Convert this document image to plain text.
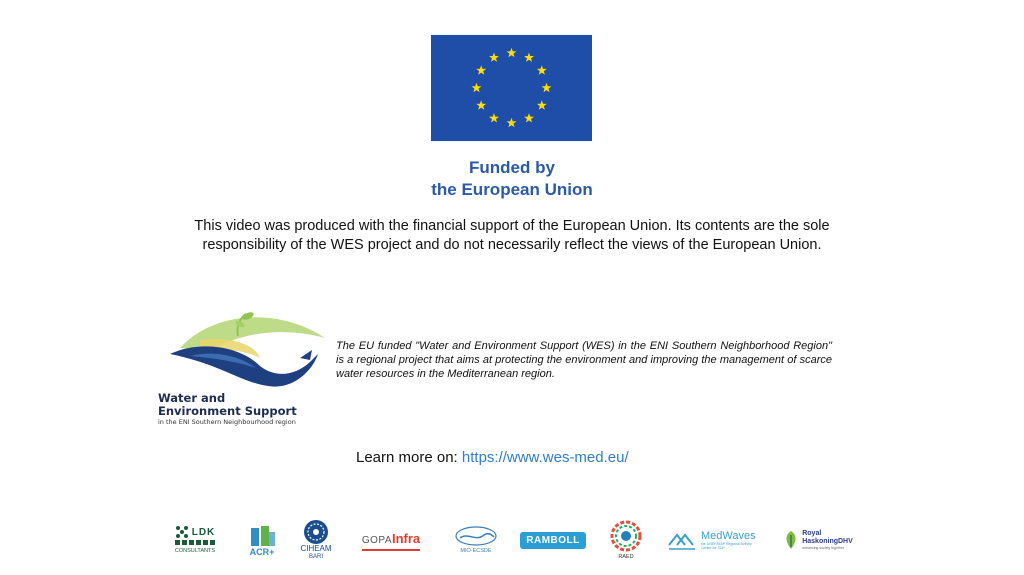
Funded by
the European Union
This video was produced with the financial support of the European Union. Its contents are the sole
responsibility of the WES project and do not necessarily reflect the views of the European Union.
Water and
Environment Support
in the ENI Southern Neighbourhood region
The EU funded "Water and Environment Support (WES) in the ENI Southern Neighborhood Region" is a regional project that aims at protecting the environment and improving the management of scarce water resources in the Mediterranean region.
Learn more on: https://www.wes-med.eu/
LDK
CONSULTANTS	ACR+	CIHEAM
BARI
GOPAInfra
MIO-ECSDE
RAMBOLL
RAED
MedWaves
the UNEP/MAP Regional Activity Centre for SCP
Royal
HaskoningDHV
enhancing society together
